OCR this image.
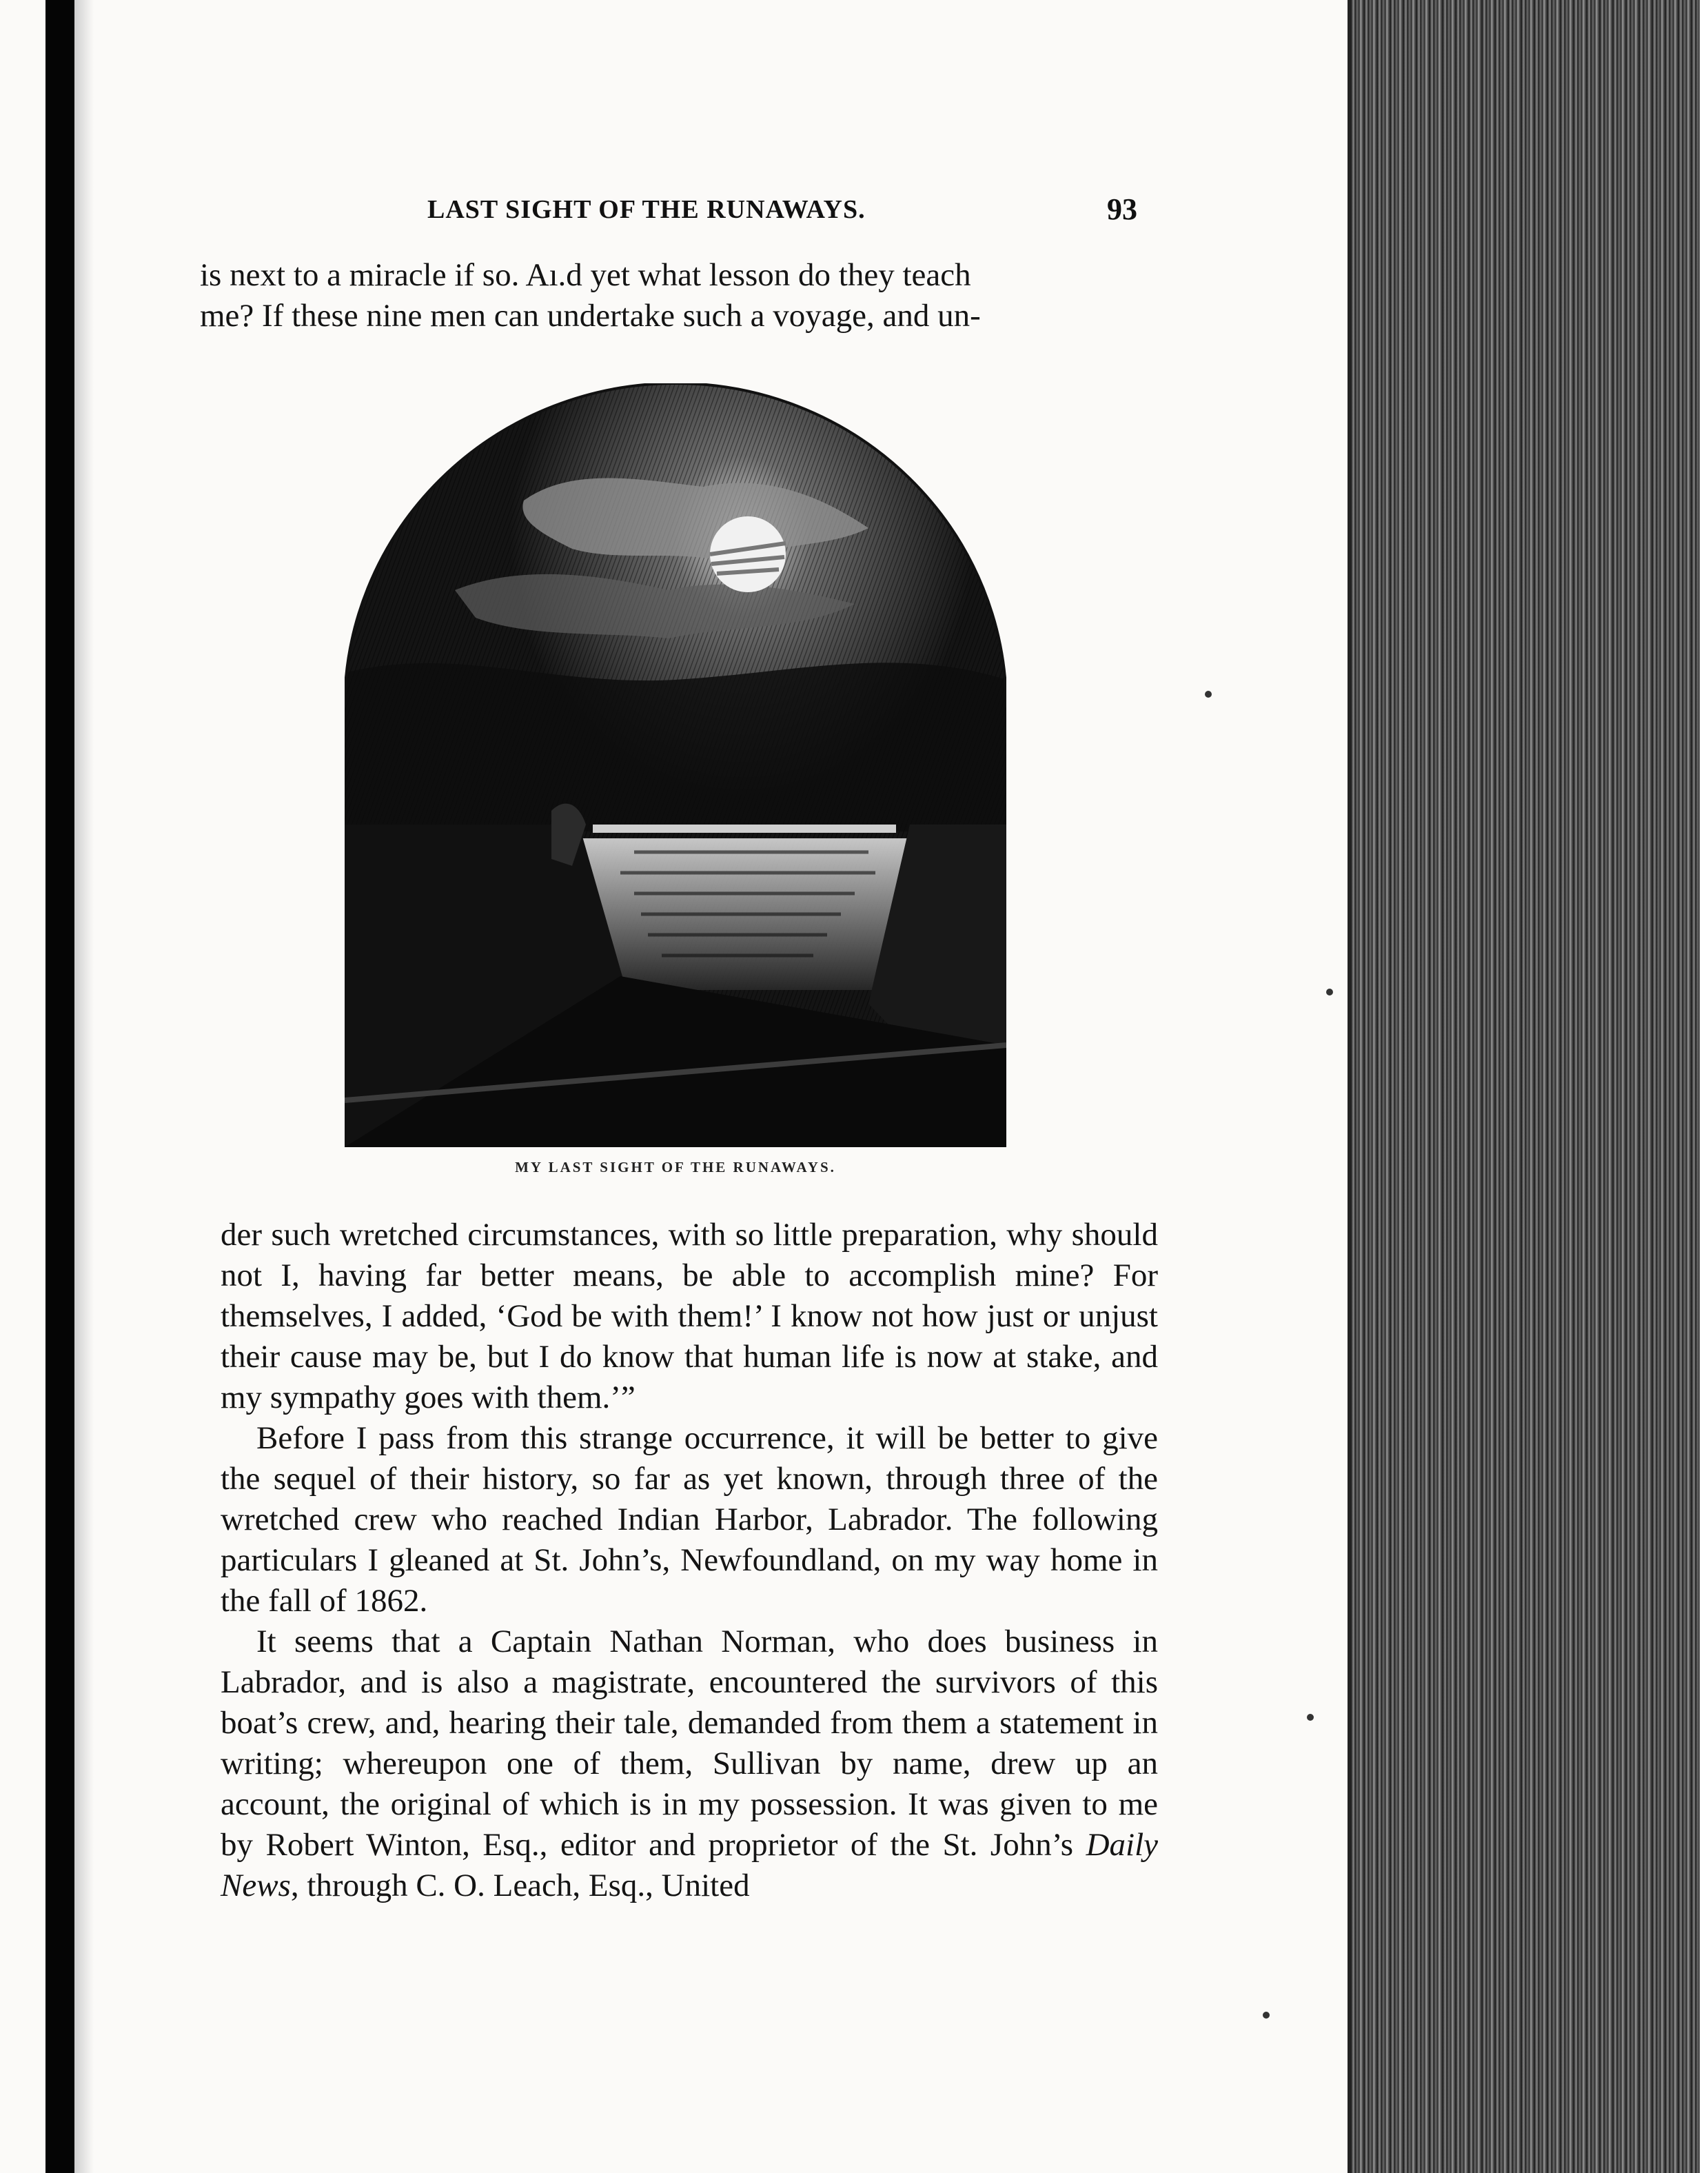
LAST SIGHT OF THE RUNAWAYS.	93

is next to a miracle if so. Aı.d yet what lesson do they teach

me? If these nine men can undertake such a voyage, and un-

MY LAST SIGHT OF THE RUNAWAYS.

der such wretched circumstances, with so little preparation, why should not I, having far better means, be able to accomplish mine? For themselves, I added, ‘God be with them!’ I know not how just or unjust their cause may be, but I do know that human life is now at stake, and my sympathy goes with them.’”

Before I pass from this strange occurrence, it will be better to give the sequel of their history, so far as yet known, through three of the wretched crew who reached Indian Harbor, Labrador. The following particulars I gleaned at St. John’s, Newfoundland, on my way home in the fall of 1862.

It seems that a Captain Nathan Norman, who does business in Labrador, and is also a magistrate, encountered the survivors of this boat’s crew, and, hearing their tale, demanded from them a statement in writing; whereupon one of them, Sullivan by name, drew up an account, the original of which is in my possession. It was given to me by Robert Winton, Esq., editor and proprietor of the St. John’s Daily News, through C. O. Leach, Esq., United
